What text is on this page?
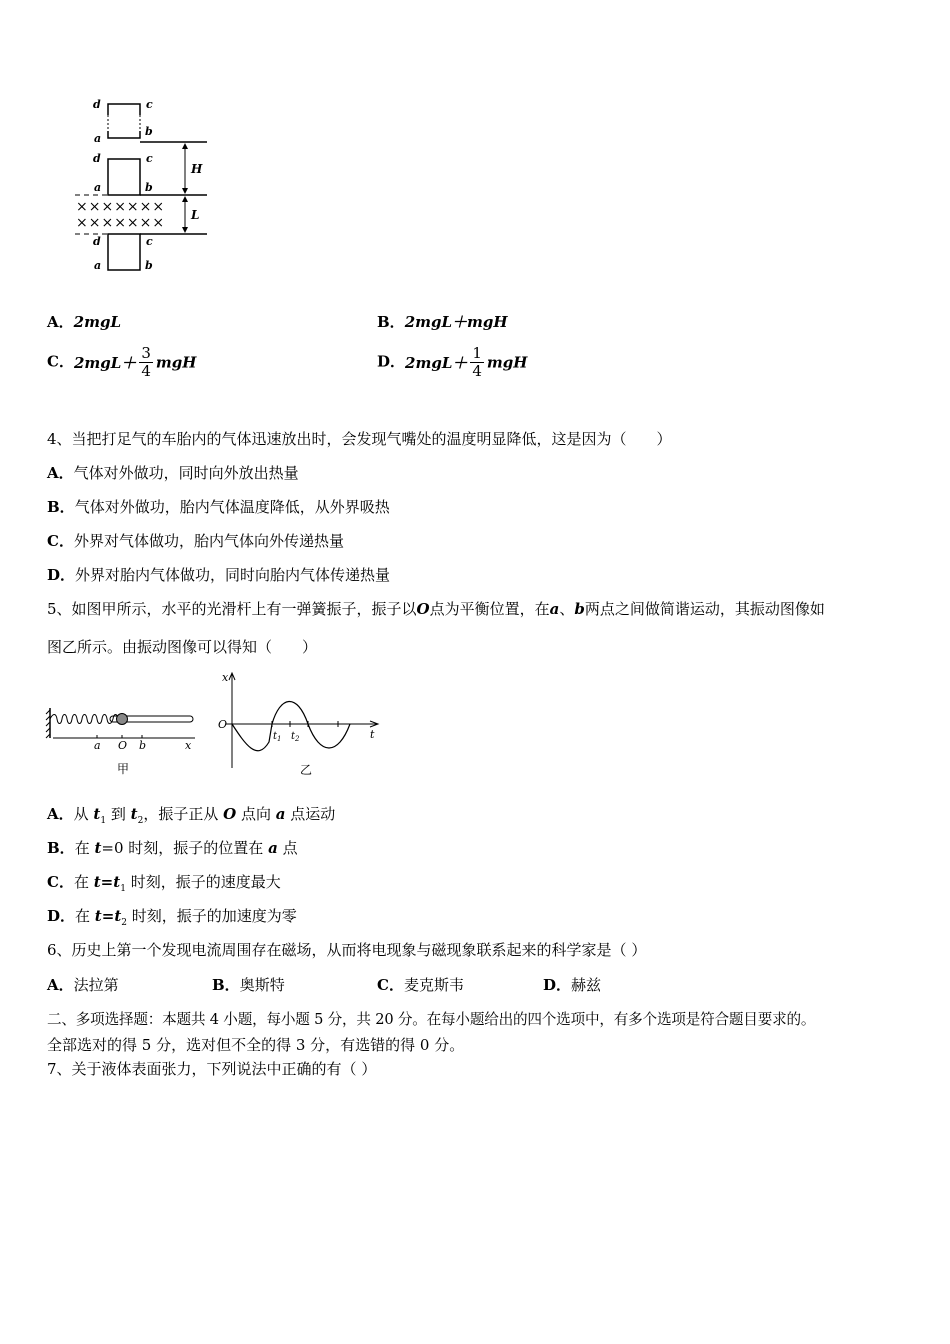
d	c
a
b
d	c
a	b
×××××××
×××××××
d	c
a	b
H
L
A．2mgL	B．2mgL＋mgH
C．$2mgL+ \frac{3}{4}$ mgH	D．$2mgL+ \frac{1}{4}$ mgH
4、当把打足气的车胎内的气体迅速放出时，会发现气嘴处的温度明显降低，这是因为（　　）
A．气体对外做功，同时向外放出热量
B．气体对外做功，胎内气体温度降低，从外界吸热
C．外界对气体做功，胎内气体向外传递热量
D．外界对胎内气体做功，同时向胎内气体传递热量
5、如图甲所示，水平的光滑杆上有一弹簧振子，振子以O点为平衡位置，在a、b两点之间做简谐运动，其振动图像如
图乙所示。由振动图像可以得知（　　）
a O b	x
甲
x
O
t
$t_1$ $t_2$
乙
A．从 $t_1$ 到 $t_2$，振子正从 O 点向 a 点运动
B．在 t=0 时刻，振子的位置在 a 点
C．在 $t=t_1$ 时刻，振子的速度最大
D．在 $t=t_2$ 时刻，振子的加速度为零
6、历史上第一个发现电流周围存在磁场，从而将电现象与磁现象联系起来的科学家是（ ）
A．法拉第	B．奥斯特	C．麦克斯韦	D．赫兹
二、多项选择题：本题共 4 小题，每小题 5 分，共 20 分。在每小题给出的四个选项中，有多个选项是符合题目要求的。
全部选对的得 5 分，选对但不全的得 3 分，有选错的得 0 分。
7、关于液体表面张力，下列说法中正确的有（ ）
